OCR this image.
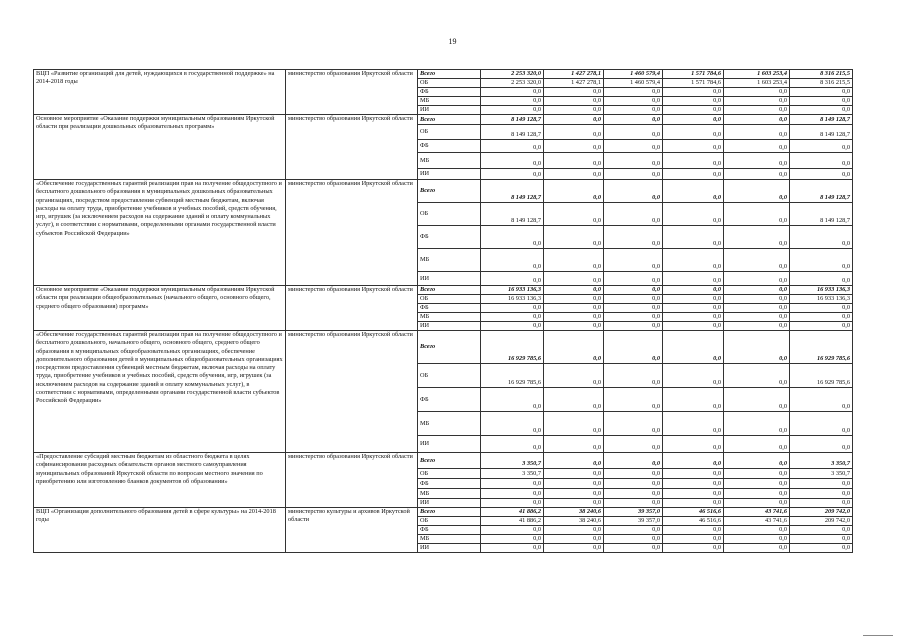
19
ВЦП «Развитие организаций для детей, нуждающихся в государственной поддержке» на 2014-2018 годы	министерство образования Иркутской области	Всего	2 253 320,0	1 427 278,1	1 460 579,4	1 571 784,6	1 603 253,4	8 316 215,5
		ОБ	2 253 320,0	1 427 278,1	1 460 579,4	1 571 784,6	1 603 253,4	8 316 215,5
		ФБ	0,0	0,0	0,0	0,0	0,0	0,0
		МБ	0,0	0,0	0,0	0,0	0,0	0,0
		ИИ	0,0	0,0	0,0	0,0	0,0	0,0
Основное мероприятие «Оказание поддержки муниципальным образованиям Иркутской области при реализации дошкольных образовательных программ»	министерство образования Иркутской области	Всего	8 149 128,7	0,0	0,0	0,0	0,0	8 149 128,7
		ОБ	8 149 128,7	0,0	0,0	0,0	0,0	8 149 128,7
		ФБ	0,0	0,0	0,0	0,0	0,0	0,0
		МБ	0,0	0,0	0,0	0,0	0,0	0,0
		ИИ	0,0	0,0	0,0	0,0	0,0	0,0
«Обеспечение государственных гарантий реализации прав на получение общедоступного и бесплатного дошкольного образования в муниципальных дошкольных образовательных организациях, посредством предоставления субвенций местным бюджетам, включая расходы на оплату труда, приобретение учебников и учебных пособий, средств обучения, игр, игрушек (за исключением расходов на содержание зданий и оплату коммунальных услуг), в соответствии с нормативами, определенными органами государственной власти субъектов Российской Федерации»	министерство образования Иркутской области	Всего	8 149 128,7	0,0	0,0	0,0	0,0	8 149 128,7
		ОБ	8 149 128,7	0,0	0,0	0,0	0,0	8 149 128,7
		ФБ	0,0	0,0	0,0	0,0	0,0	0,0
		МБ	0,0	0,0	0,0	0,0	0,0	0,0
		ИИ	0,0	0,0	0,0	0,0	0,0	0,0
Основное мероприятие «Оказание поддержки муниципальным образованиям Иркутской области при реализации общеобразовательных (начального общего, основного общего, среднего общего образования) программ»	министерство образования Иркутской области	Всего	16 933 136,3	0,0	0,0	0,0	0,0	16 933 136,3
		ОБ	16 933 136,3	0,0	0,0	0,0	0,0	16 933 136,3
		ФБ	0,0	0,0	0,0	0,0	0,0	0,0
		МБ	0,0	0,0	0,0	0,0	0,0	0,0
		ИИ	0,0	0,0	0,0	0,0	0,0	0,0
«Обеспечение государственных гарантий реализации прав на получение общедоступного и бесплатного дошкольного, начального общего, основного общего, среднего общего образования в муниципальных общеобразовательных организациях, обеспечение дополнительного образования детей в муниципальных общеобразовательных организациях посредством предоставления субвенций местным бюджетам, включая расходы на оплату труда, приобретение учебников и учебных пособий, средств обучения, игр, игрушек (за исключением расходов на содержание зданий и оплату коммунальных услуг), в соответствии с нормативами, определенными органами государственной власти субъектов Российской Федерации»	министерство образования Иркутской области	Всего	16 929 785,6	0,0	0,0	0,0	0,0	16 929 785,6
		ОБ	16 929 785,6	0,0	0,0	0,0	0,0	16 929 785,6
		ФБ	0,0	0,0	0,0	0,0	0,0	0,0
		МБ	0,0	0,0	0,0	0,0	0,0	0,0
		ИИ	0,0	0,0	0,0	0,0	0,0	0,0
«Предоставление субсидий местным бюджетам из областного бюджета в целях софинансирования расходных обязательств органов местного самоуправления муниципальных образований Иркутской области по вопросам местного значения по приобретению или изготовлению бланков документов об образовании»	министерство образования Иркутской области	Всего	3 350,7	0,0	0,0	0,0	0,0	3 350,7
		ОБ	3 350,7	0,0	0,0	0,0	0,0	3 350,7
		ФБ	0,0	0,0	0,0	0,0	0,0	0,0
		МБ	0,0	0,0	0,0	0,0	0,0	0,0
		ИИ	0,0	0,0	0,0	0,0	0,0	0,0
ВЦП «Организация дополнительного образования детей в сфере культуры» на 2014-2018 годы	министерство культуры и архивов Иркутской области	Всего	41 886,2	38 240,6	39 357,0	46 516,6	43 741,6	209 742,0
		ОБ	41 886,2	38 240,6	39 357,0	46 516,6	43 741,6	209 742,0
		ФБ	0,0	0,0	0,0	0,0	0,0	0,0
		МБ	0,0	0,0	0,0	0,0	0,0	0,0
		ИИ	0,0	0,0	0,0	0,0	0,0	0,0
